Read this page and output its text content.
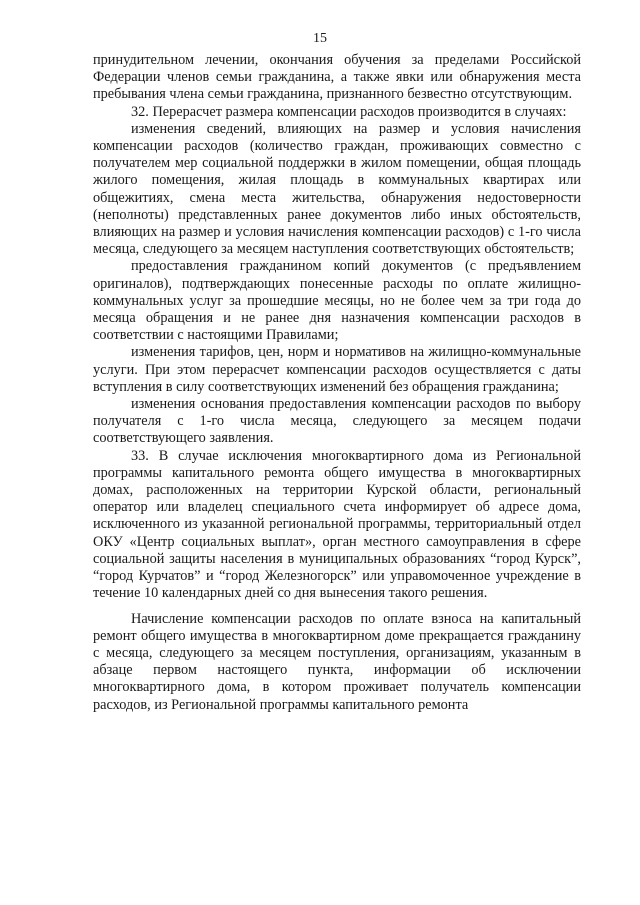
15

принудительном лечении, окончания обучения за пределами Российской Федерации членов семьи гражданина, а также явки или обнаружения места пребывания члена семьи гражданина, признанного безвестно отсутствующим.

32. Перерасчет размера компенсации расходов производится в случаях:

изменения сведений, влияющих на размер и условия начисления компенсации расходов (количество граждан, проживающих совместно с получателем мер социальной поддержки в жилом помещении, общая площадь жилого помещения, жилая площадь в коммунальных квартирах или общежитиях, смена места жительства, обнаружения недостоверности (неполноты) представленных ранее документов либо иных обстоятельств, влияющих на размер и условия начисления компенсации расходов) с 1-го числа месяца, следующего за месяцем наступления соответствующих обстоятельств;

предоставления гражданином копий документов (с предъявлением оригиналов), подтверждающих понесенные расходы по оплате жилищно-коммунальных услуг за прошедшие месяцы, но не более чем за три года до месяца обращения и не ранее дня назначения компенсации расходов в соответствии с настоящими Правилами;

изменения тарифов, цен, норм и нормативов на жилищно-коммунальные услуги. При этом перерасчет компенсации расходов осуществляется с даты вступления в силу соответствующих изменений без обращения гражданина;

изменения основания предоставления компенсации расходов по выбору получателя с 1-го числа месяца, следующего за месяцем подачи соответствующего заявления.

33. В случае исключения многоквартирного дома из Региональной программы капитального ремонта общего имущества в многоквартирных домах, расположенных на территории Курской области, региональный оператор или владелец специального счета информирует об адресе дома, исключенного из указанной региональной программы, территориальный отдел ОКУ «Центр социальных выплат», орган местного самоуправления в сфере социальной защиты населения в муниципальных образованиях “город Курск”, “город Курчатов” и “город Железногорск” или управомоченное учреждение в течение 10 календарных дней со дня вынесения такого решения.

Начисление компенсации расходов по оплате взноса на капитальный ремонт общего имущества в многоквартирном доме прекращается гражданину с месяца, следующего за месяцем поступления, организациям, указанным в абзаце первом настоящего пункта, информации об исключении многоквартирного дома, в котором проживает получатель компенсации расходов, из Региональной программы капитального ремонта
